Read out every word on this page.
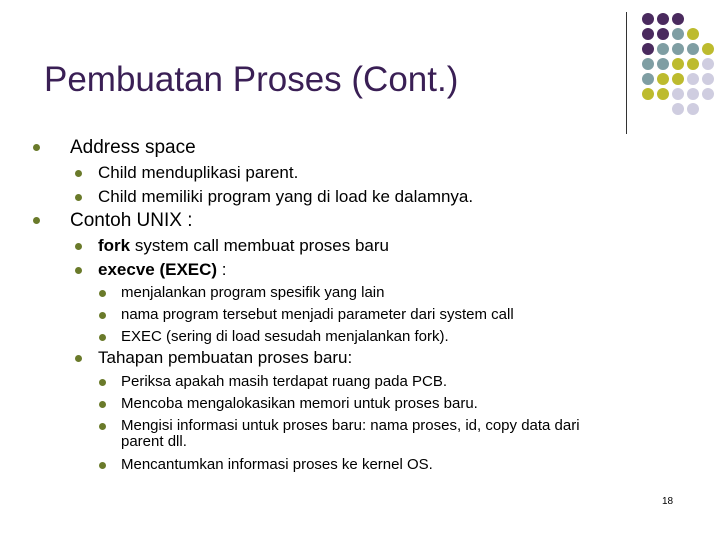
Pembuatan Proses (Cont.)
Address space
Child menduplikasi parent.
Child memiliki program yang di load ke dalamnya.
Contoh UNIX :
fork system call membuat proses baru
execve (EXEC) :
menjalankan program spesifik yang lain
nama program tersebut menjadi parameter dari system call
EXEC (sering di load sesudah menjalankan fork).
Tahapan pembuatan proses baru:
Periksa apakah masih terdapat ruang pada PCB.
Mencoba mengalokasikan memori untuk proses baru.
Mengisi informasi untuk proses baru: nama proses, id, copy data dari
parent dll.
Mencantumkan informasi proses ke kernel OS.
18
